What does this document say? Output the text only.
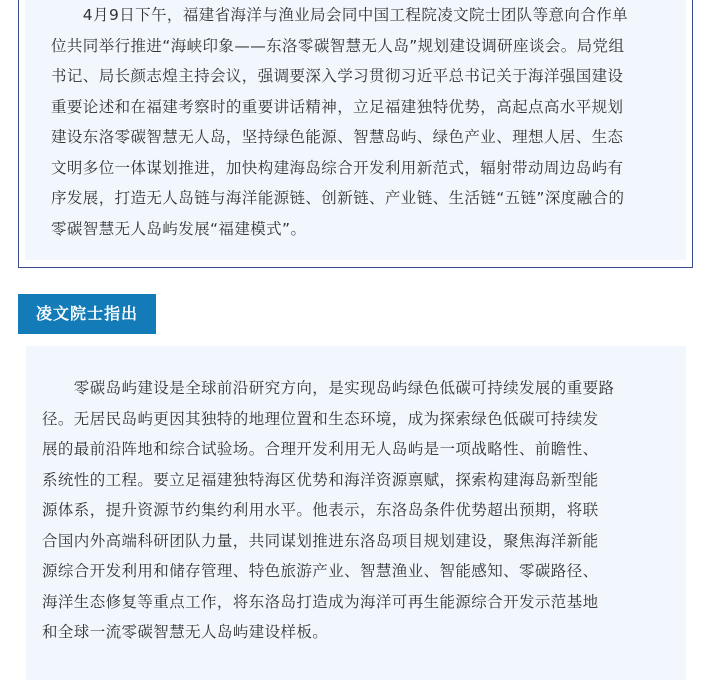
　　4月9日下午，福建省海洋与渔业局会同中国工程院凌文院士团队等意向合作单
位共同举行推进“海峡印象——东洛零碳智慧无人岛”规划建设调研座谈会。局党组
书记、局长颜志煌主持会议，强调要深入学习贯彻习近平总书记关于海洋强国建设
重要论述和在福建考察时的重要讲话精神，立足福建独特优势，高起点高水平规划
建设东洛零碳智慧无人岛，坚持绿色能源、智慧岛屿、绿色产业、理想人居、生态
文明多位一体谋划推进，加快构建海岛综合开发利用新范式，辐射带动周边岛屿有
序发展，打造无人岛链与海洋能源链、创新链、产业链、生活链“五链”深度融合的
零碳智慧无人岛屿发展“福建模式”。

凌文院士指出

　　零碳岛屿建设是全球前沿研究方向，是实现岛屿绿色低碳可持续发展的重要路
径。无居民岛屿更因其独特的地理位置和生态环境，成为探索绿色低碳可持续发
展的最前沿阵地和综合试验场。合理开发利用无人岛屿是一项战略性、前瞻性、
系统性的工程。要立足福建独特海区优势和海洋资源禀赋，探索构建海岛新型能
源体系，提升资源节约集约利用水平。他表示，东洛岛条件优势超出预期，将联
合国内外高端科研团队力量，共同谋划推进东洛岛项目规划建设，聚焦海洋新能
源综合开发利用和储存管理、特色旅游产业、智慧渔业、智能感知、零碳路径、
海洋生态修复等重点工作，将东洛岛打造成为海洋可再生能源综合开发示范基地
和全球一流零碳智慧无人岛屿建设样板。
